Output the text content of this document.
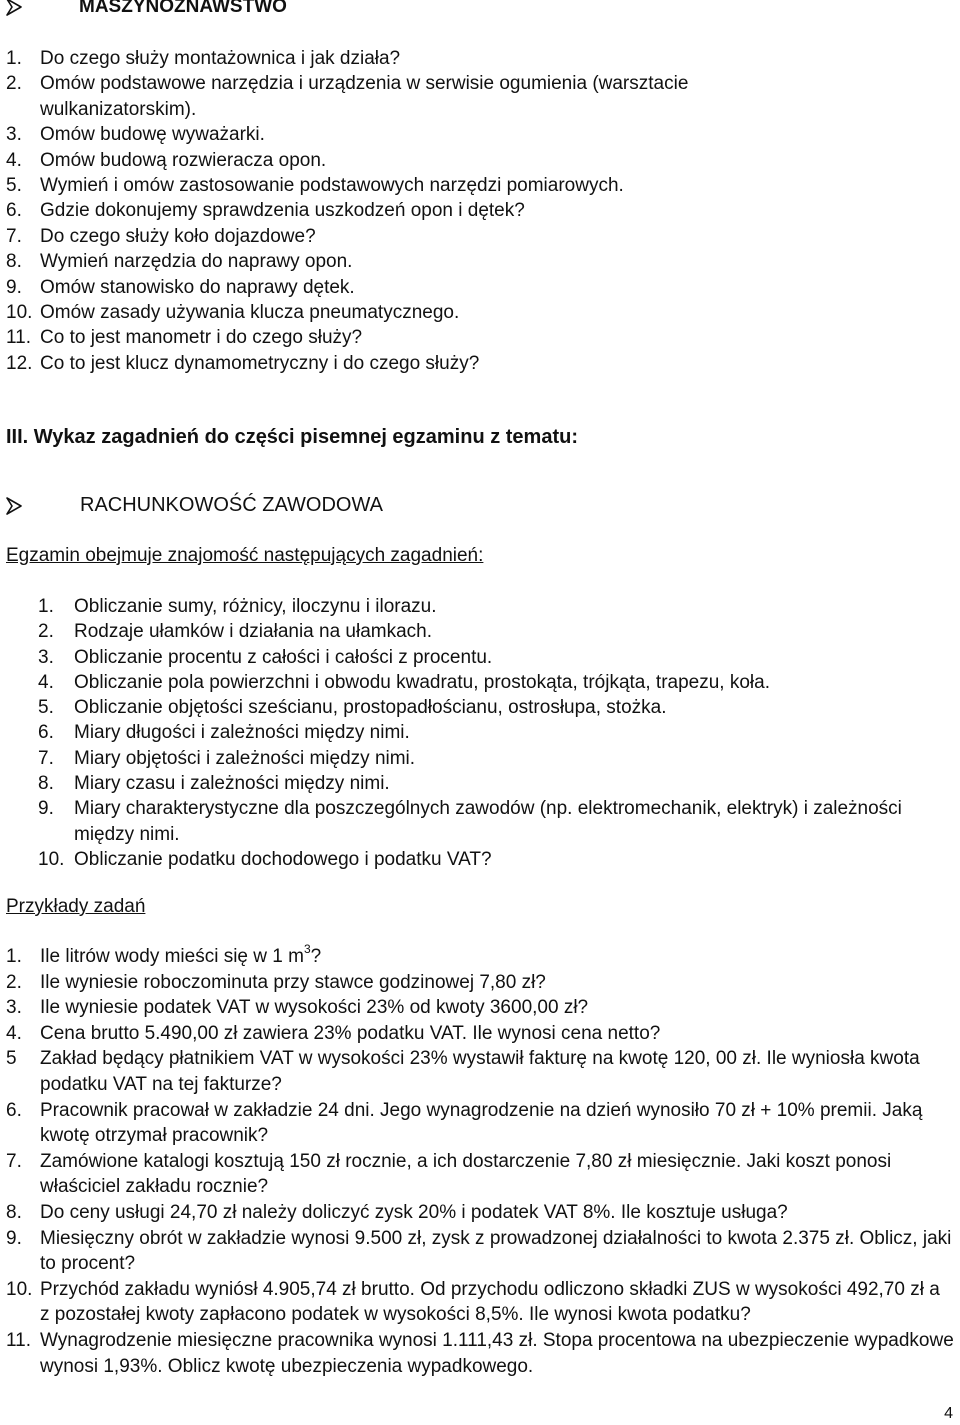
MASZYNOZNAWSTWO
1. Do czego służy montażownica i jak działa?
2. Omów podstawowe narzędzia i urządzenia w serwisie ogumienia (warsztacie wulkanizatorskim).
3. Omów budowę wyważarki.
4. Omów budową rozwieracza opon.
5. Wymień i omów zastosowanie podstawowych narzędzi pomiarowych.
6. Gdzie dokonujemy sprawdzenia uszkodzeń opon i dętek?
7. Do czego służy koło dojazdowe?
8. Wymień narzędzia do naprawy opon.
9. Omów stanowisko do naprawy dętek.
10. Omów zasady używania klucza pneumatycznego.
11. Co to jest manometr i do czego służy?
12. Co to jest klucz dynamometryczny i do czego służy?
III. Wykaz zagadnień do części pisemnej egzaminu z tematu:
RACHUNKOWOŚĆ ZAWODOWA
Egzamin obejmuje znajomość następujących zagadnień:
1.	Obliczanie sumy, różnicy, iloczynu i ilorazu.
2.	Rodzaje ułamków i działania na ułamkach.
3.	Obliczanie procentu z całości i całości z procentu.
4.	Obliczanie pola powierzchni i obwodu kwadratu, prostokąta, trójkąta, trapezu, koła.
5.	Obliczanie objętości sześcianu, prostopadłościanu, ostrosłupa, stożka.
6.	Miary długości i zależności między nimi.
7.	Miary objętości i zależności między nimi.
8.	Miary czasu i zależności między nimi.
9.	Miary charakterystyczne dla poszczególnych zawodów (np. elektromechanik, elektryk) i zależności między nimi.
10. Obliczanie podatku dochodowego i podatku VAT?
Przykłady zadań
1. Ile litrów wody mieści się w 1 $m^3$?
2. Ile wyniesie roboczominuta przy stawce godzinowej 7,80 zł?
3. Ile wyniesie podatek VAT w wysokości 23% od kwoty 3600,00 zł?
4. Cena brutto 5.490,00 zł zawiera 23% podatku VAT. Ile wynosi cena netto?
5	Zakład będący płatnikiem VAT w wysokości 23% wystawił fakturę na kwotę 120, 00 zł. Ile wyniosła kwota podatku VAT na tej fakturze?
6. Pracownik pracował w zakładzie 24 dni. Jego wynagrodzenie na dzień wynosiło 70 zł + 10% premii. Jaką kwotę otrzymał pracownik?
7. Zamówione katalogi kosztują 150 zł rocznie, a ich dostarczenie 7,80 zł miesięcznie. Jaki koszt ponosi właściciel zakładu rocznie?
8. Do ceny usługi 24,70 zł należy doliczyć zysk 20% i podatek VAT 8%. Ile kosztuje usługa?
9. Miesięczny obrót w zakładzie wynosi 9.500 zł, zysk z prowadzonej działalności to kwota 2.375 zł. Oblicz, jaki to procent?
10. Przychód zakładu wyniósł 4.905,74 zł brutto. Od przychodu odliczono składki ZUS w wysokości 492,70 zł a z pozostałej kwoty zapłacono podatek w wysokości 8,5%. Ile wynosi kwota podatku?
11. Wynagrodzenie miesięczne pracownika wynosi 1.111,43 zł. Stopa procentowa na ubezpieczenie wypadkowe wynosi 1,93%. Oblicz kwotę ubezpieczenia wypadkowego.
4
